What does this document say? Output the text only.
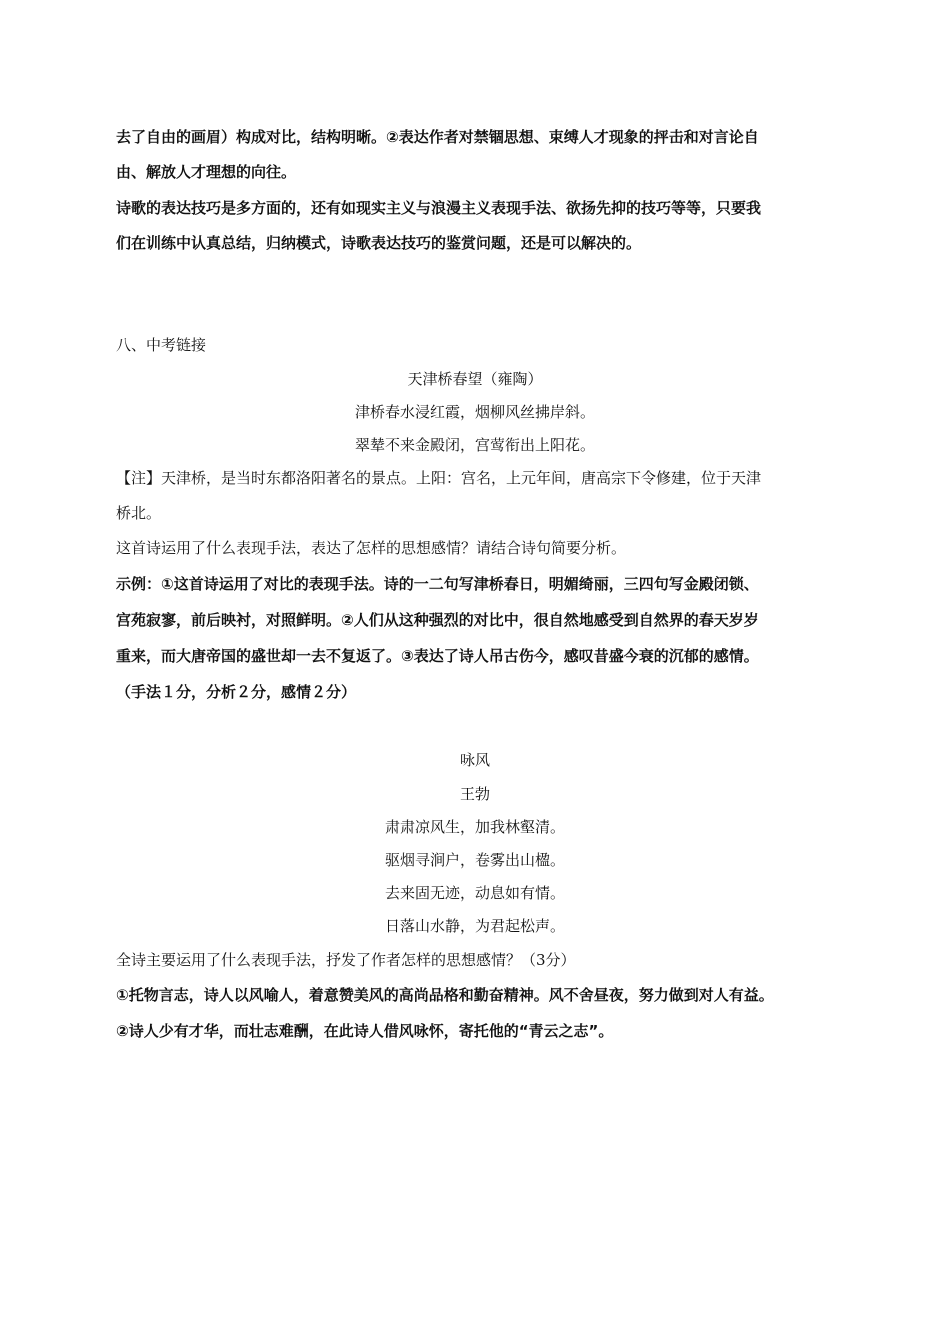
去了自由的画眉）构成对比，结构明晰。②表达作者对禁锢思想、束缚人才现象的抨击和对言论自
由、解放人才理想的向往。
诗歌的表达技巧是多方面的，还有如现实主义与浪漫主义表现手法、欲扬先抑的技巧等等，只要我
们在训练中认真总结，归纳模式，诗歌表达技巧的鉴赏问题，还是可以解决的。
八、中考链接
天津桥春望（雍陶）
津桥春水浸红霞，烟柳风丝拂岸斜。
翠辇不来金殿闭，宫莺衔出上阳花。
【注】天津桥，是当时东都洛阳著名的景点。上阳：宫名，上元年间，唐高宗下令修建，位于天津
桥北。
这首诗运用了什么表现手法，表达了怎样的思想感情？请结合诗句简要分析。
示例：①这首诗运用了对比的表现手法。诗的一二句写津桥春日，明媚绮丽，三四句写金殿闭锁、
宫苑寂寥，前后映衬，对照鲜明。②人们从这种强烈的对比中，很自然地感受到自然界的春天岁岁
重来，而大唐帝国的盛世却一去不复返了。③表达了诗人吊古伤今，感叹昔盛今衰的沉郁的感情。
（手法１分，分析２分，感情２分）
咏风
王勃
肃肃凉风生，加我林壑清。
驱烟寻涧户，卷雾出山楹。
去来固无迹，动息如有情。
日落山水静，为君起松声。
全诗主要运用了什么表现手法，抒发了作者怎样的思想感情？（3分）
①托物言志，诗人以风喻人，着意赞美风的高尚品格和勤奋精神。风不舍昼夜，努力做到对人有益。
②诗人少有才华，而壮志难酬，在此诗人借风咏怀，寄托他的“青云之志”。
